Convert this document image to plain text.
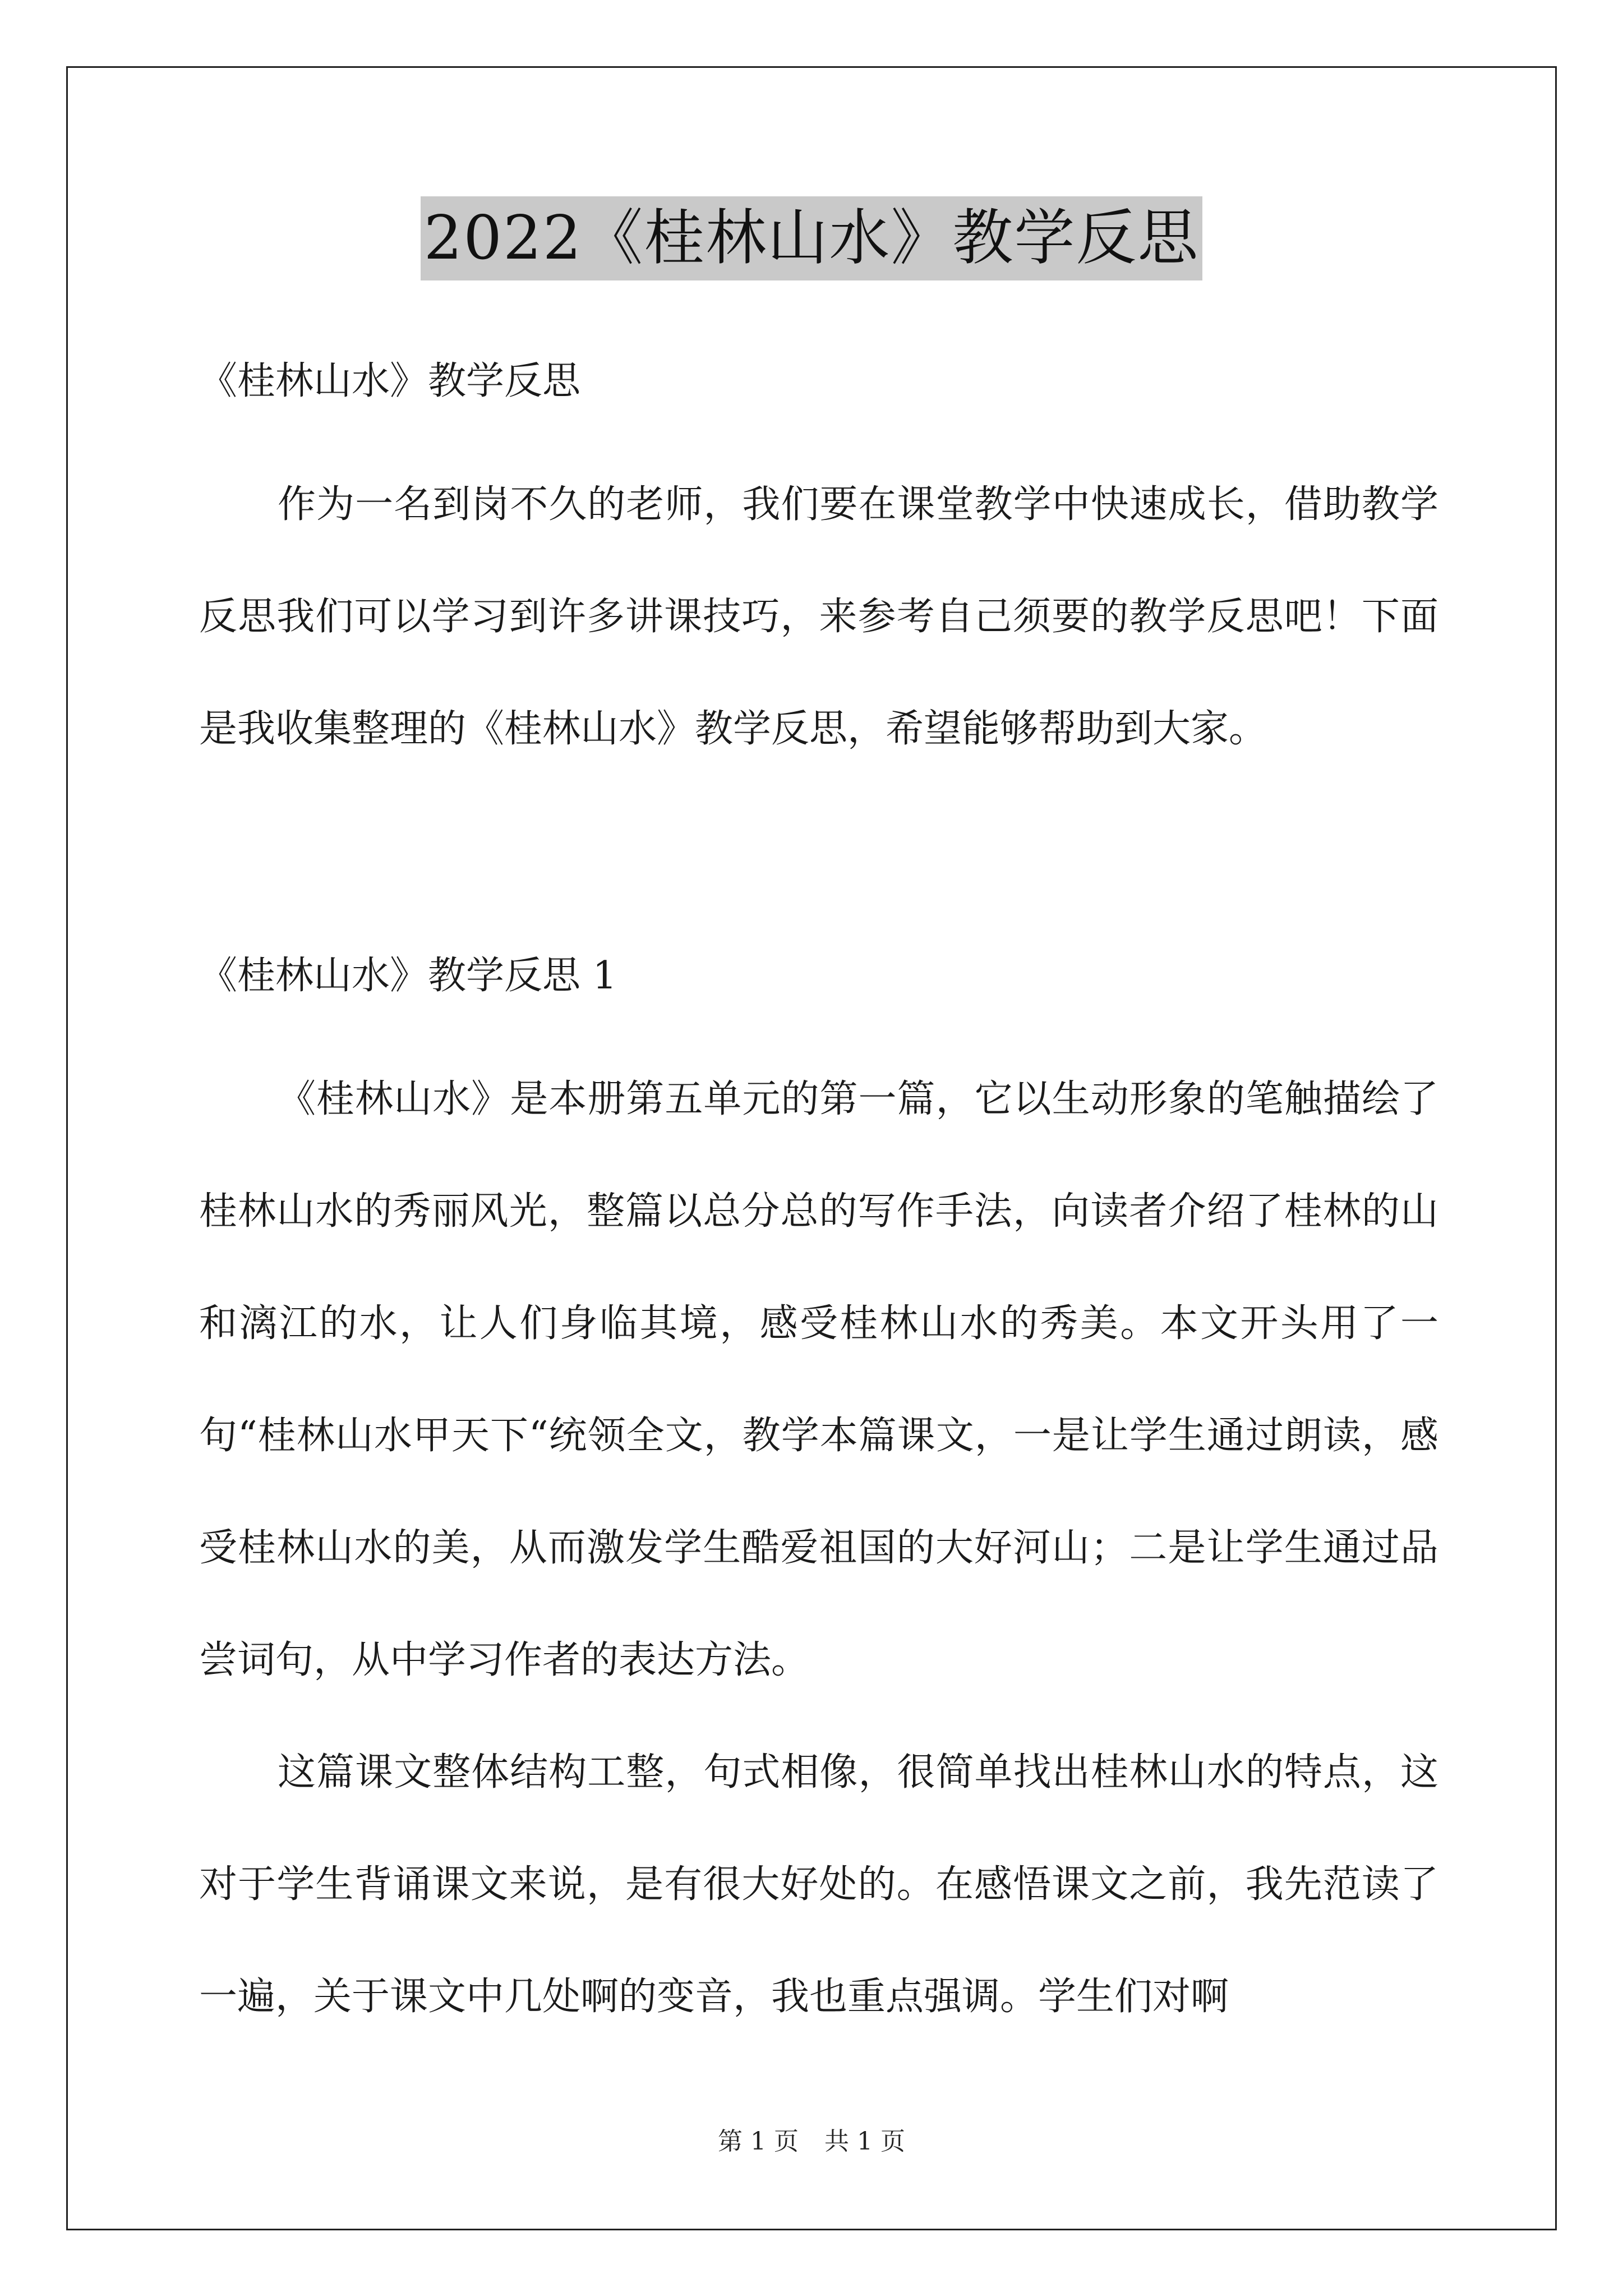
2022《桂林山水》教学反思
《桂林山水》教学反思

作为一名到岗不久的老师，我们要在课堂教学中快速成长，借助教学反思我们可以学习到许多讲课技巧，来参考自己须要的教学反思吧！下面是我收集整理的《桂林山水》教学反思，希望能够帮助到大家。

《桂林山水》教学反思 1

《桂林山水》是本册第五单元的第一篇，它以生动形象的笔触描绘了桂林山水的秀丽风光，整篇以总分总的写作手法，向读者介绍了桂林的山和漓江的水，让人们身临其境，感受桂林山水的秀美。本文开头用了一句“桂林山水甲天下“统领全文，教学本篇课文，一是让学生通过朗读，感受桂林山水的美，从而激发学生酷爱祖国的大好河山；二是让学生通过品尝词句，从中学习作者的表达方法。

这篇课文整体结构工整，句式相像，很简单找出桂林山水的特点，这对于学生背诵课文来说，是有很大好处的。在感悟课文之前，我先范读了一遍，关于课文中几处啊的变音，我也重点强调。学生们对啊

第 1 页 共 1 页
